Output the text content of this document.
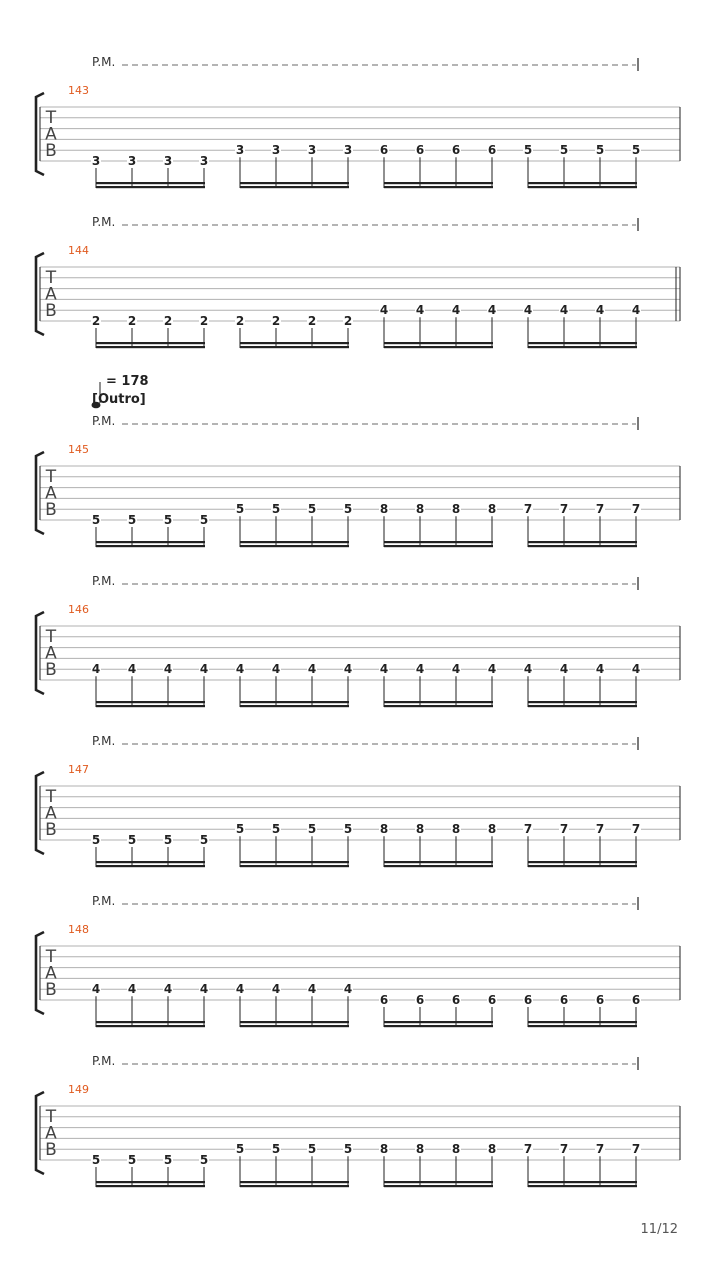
143
T
A
B	3 3 3 3
3 3 3 3 6 6 6 6 5 5 5 5
144
T
A
B	2 2 2 2 2 2 2 2
4 4 4 4 4 4 4 4
145
T
A
B	5 5 5 5
5 5 5 5 8 8 8 8 7 7 7 7
146
T
A
B	4 4 4 4 4 4 4 4 4 4 4 4 4 4 4 4
147
T
A
B	5 5 5 5
5 5 5 5 8 8 8 8 7 7 7 7
148
T
A
B	4 4 4 4 4 4 4 4
6 6 6 6 6 6 6 6
149
T
A
B	5 5 5 5
5 5 5 5 8 8 8 8 7 7 7 7
11/12
P.M.
P.M.
P.M.
= 178
[Outro]
P.M.
P.M.
P.M.
P.M.
